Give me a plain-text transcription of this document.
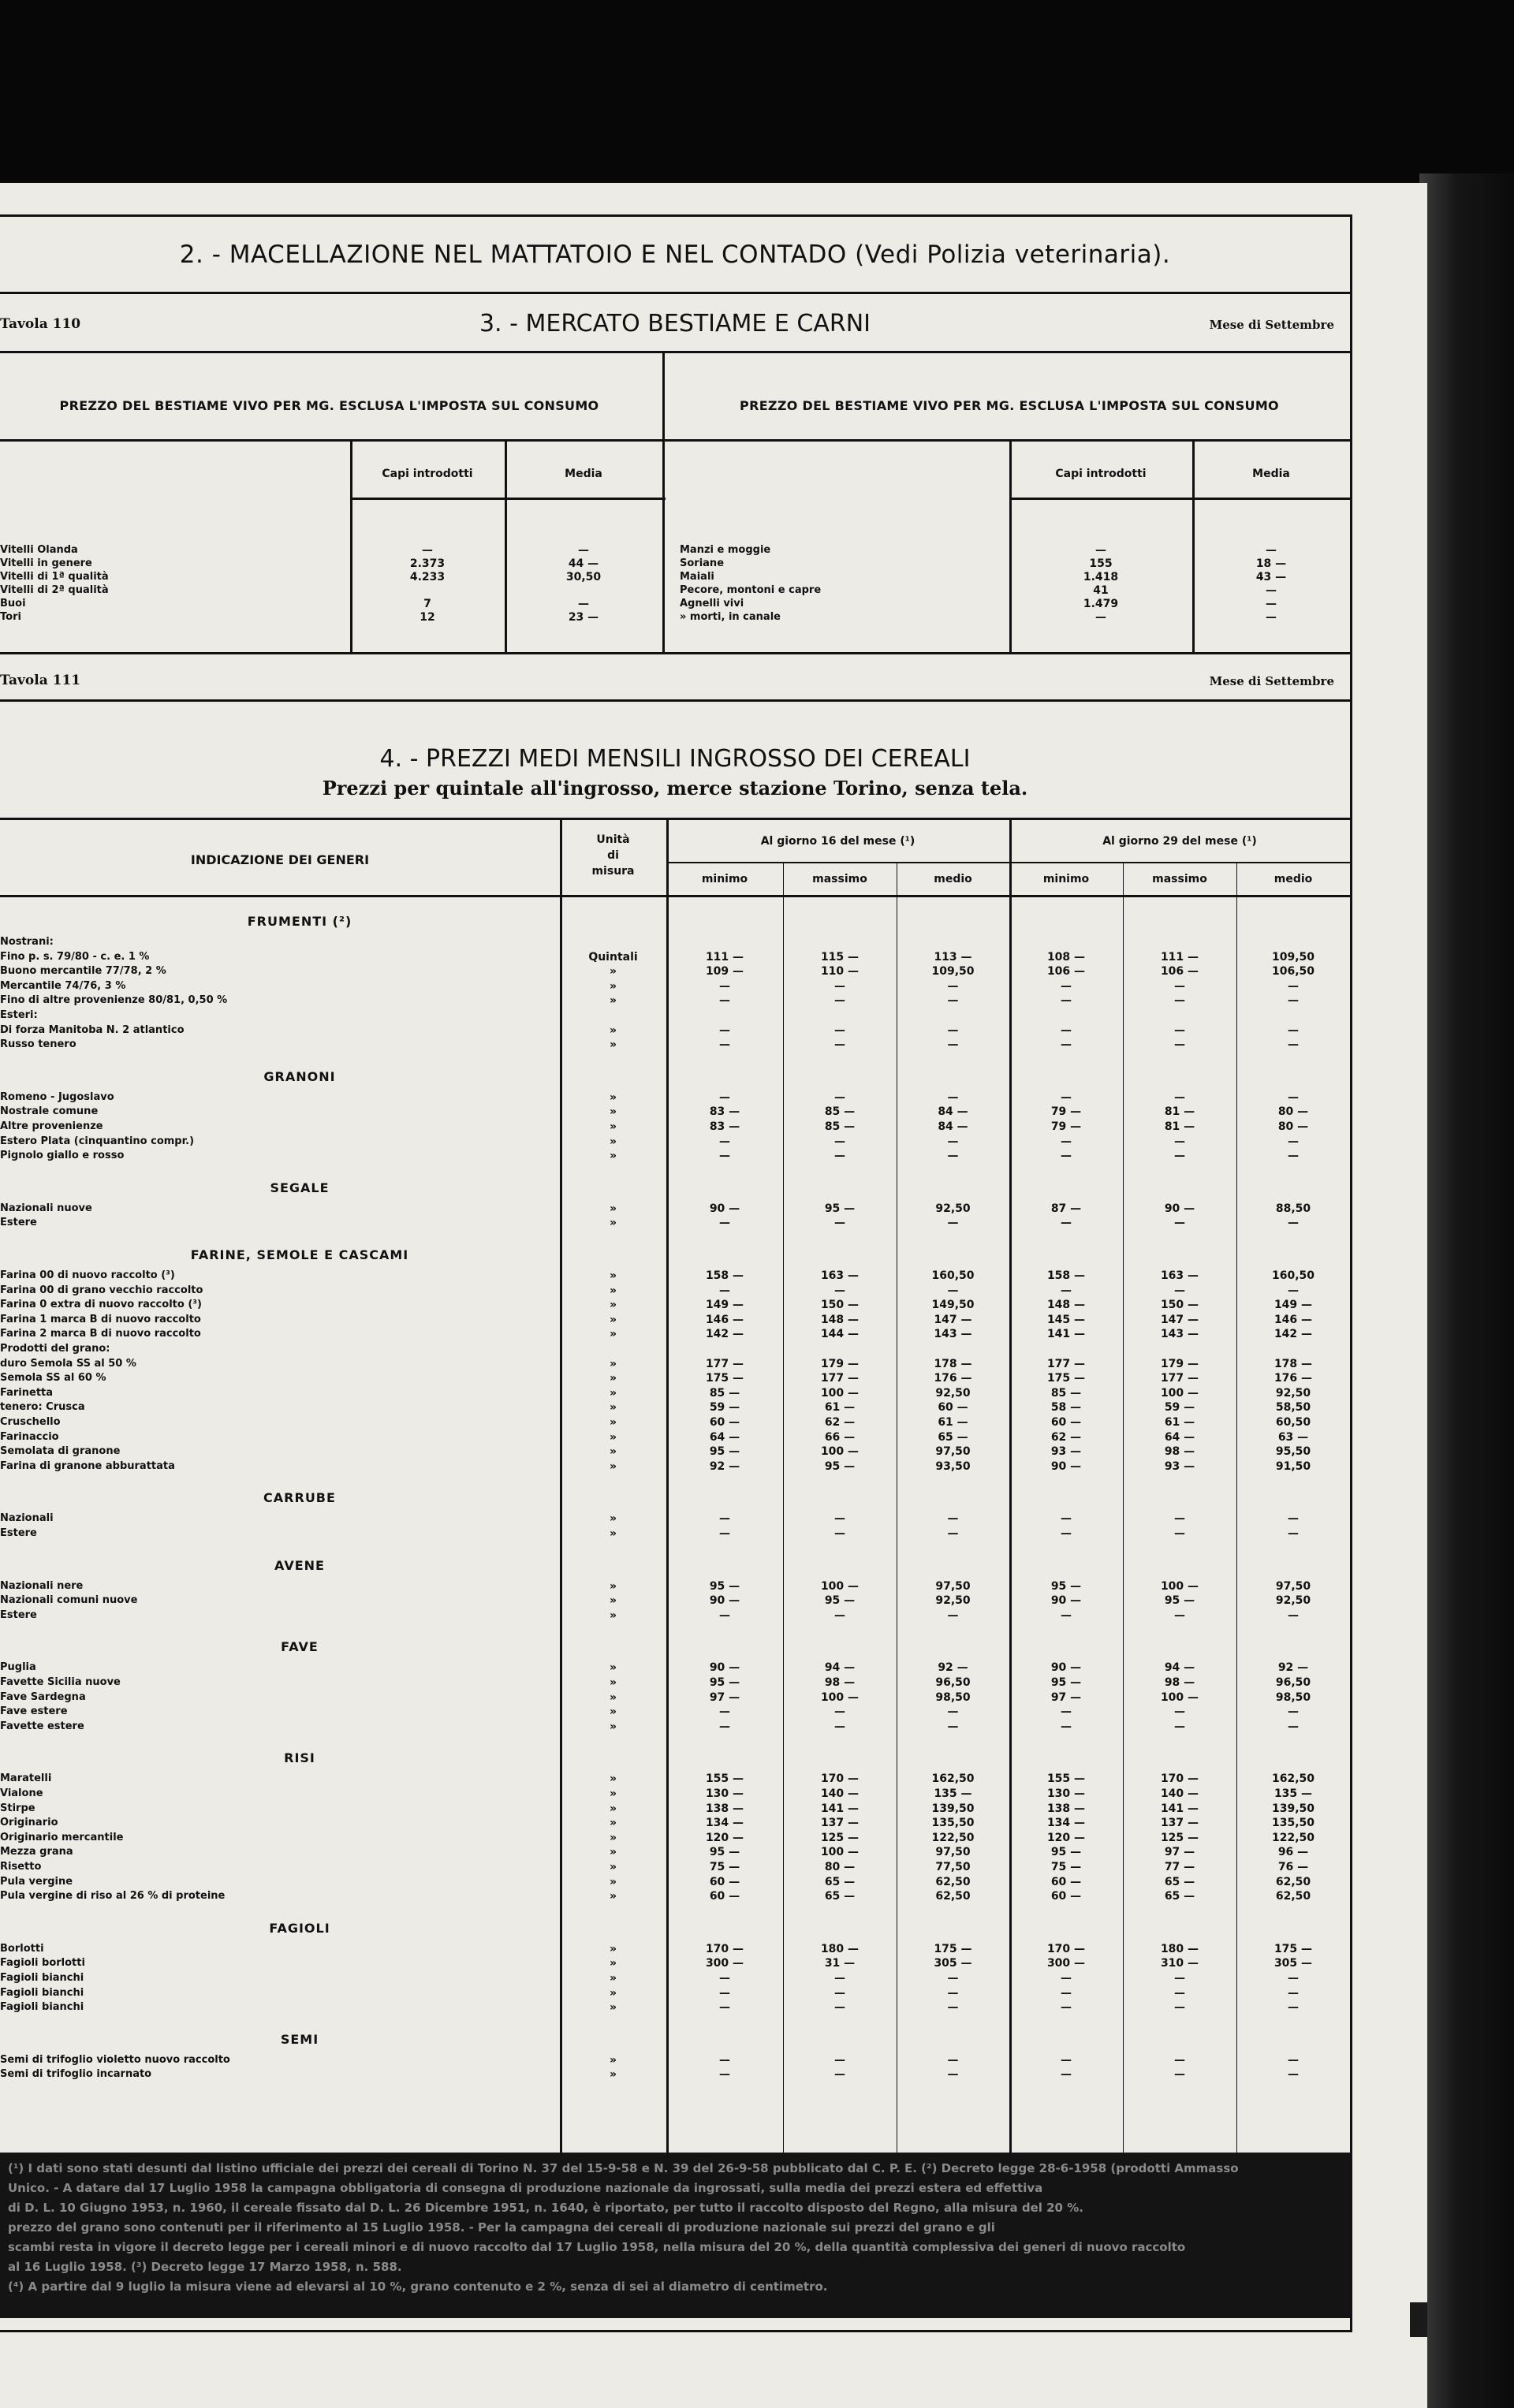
2. - MACELLAZIONE NEL MATTATOIO E NEL CONTADO (Vedi Polizia veterinaria).
Tavola 110	3. - MERCATO BESTIAME E CARNI	Mese di Settembre
PREZZO DEL BESTIAME VIVO PER MG. ESCLUSA L'IMPOSTA SUL CONSUMO	PREZZO DEL BESTIAME VIVO PER MG. ESCLUSA L'IMPOSTA SUL CONSUMO
Capi introdotti	Media	Capi introdotti	Media
Vitelli Olanda	—	—
Vitelli in genere	2.373	44 —
Vitelli di 1ª qualità	4.233	30,50
Vitelli di 2ª qualità
Buoi	7	—
Tori	12	23 —
Manzi e moggie	—	—
Soriane	155	18 —
Maiali	1.418	43 —
Pecore, montoni e capre	41	—
Agnelli vivi	1.479	—
» morti, in canale	—	—
Tavola 111	Mese di Settembre
4. - PREZZI MEDI MENSILI INGROSSO DEI CEREALI
Prezzi per quintale all'ingrosso, merce stazione Torino, senza tela.
INDICAZIONE DEI GENERI
Unità
di
misura
Al giorno 16 del mese (¹)	Al giorno 29 del mese (¹)
minimo	massimo	medio	minimo	massimo	medio
FRUMENTI (²)
Nostrani:
Fino p. s. 79/80 - c. e. 1 %	Quintali	111 —	115 —	113 —	108 —	111 —	109,50
Buono mercantile 77/78, 2 %	»	109 —	110 —	109,50	106 —	106 —	106,50
Mercantile 74/76, 3 %	»	—	—	—	—	—	—
Fino di altre provenienze 80/81, 0,50 %	»	—	—	—	—	—	—
Esteri:
Di forza Manitoba N. 2 atlantico	»	—	—	—	—	—	—
Russo tenero	»	—	—	—	—	—	—
GRANONI
Romeno - Jugoslavo	»	—	—	—	—	—	—
Nostrale comune	»	83 —	85 —	84 —	79 —	81 —	80 —
Altre provenienze	»	83 —	85 —	84 —	79 —	81 —	80 —
Estero Plata (cinquantino compr.)	»	—	—	—	—	—	—
Pignolo giallo e rosso	»	—	—	—	—	—	—
SEGALE
Nazionali nuove	»	90 —	95 —	92,50	87 —	90 —	88,50
Estere	»	—	—	—	—	—	—
FARINE, SEMOLE E CASCAMI
Farina 00 di nuovo raccolto (³)	»	158 —	163 —	160,50	158 —	163 —	160,50
Farina 00 di grano vecchio raccolto	»	—	—	—	—	—	—
Farina 0 extra di nuovo raccolto (³)	»	149 —	150 —	149,50	148 —	150 —	149 —
Farina 1 marca B di nuovo raccolto	»	146 —	148 —	147 —	145 —	147 —	146 —
Farina 2 marca B di nuovo raccolto	»	142 —	144 —	143 —	141 —	143 —	142 —
Prodotti del grano:
duro Semola SS al 50 %	»	177 —	179 —	178 —	177 —	179 —	178 —
Semola SS al 60 %	»	175 —	177 —	176 —	175 —	177 —	176 —
Farinetta	»	85 —	100 —	92,50	85 —	100 —	92,50
tenero: Crusca	»	59 —	61 —	60 —	58 —	59 —	58,50
Cruschello	»	60 —	62 —	61 —	60 —	61 —	60,50
Farinaccio	»	64 —	66 —	65 —	62 —	64 —	63 —
Semolata di granone	»	95 —	100 —	97,50	93 —	98 —	95,50
Farina di granone abburattata	»	92 —	95 —	93,50	90 —	93 —	91,50
CARRUBE
Nazionali	»	—	—	—	—	—	—
Estere	»	—	—	—	—	—	—
AVENE
Nazionali nere	»	95 —	100 —	97,50	95 —	100 —	97,50
Nazionali comuni nuove	»	90 —	95 —	92,50	90 —	95 —	92,50
Estere	»	—	—	—	—	—	—
FAVE
Puglia	»	90 —	94 —	92 —	90 —	94 —	92 —
Favette Sicilia nuove	»	95 —	98 —	96,50	95 —	98 —	96,50
Fave Sardegna	»	97 —	100 —	98,50	97 —	100 —	98,50
Fave estere	»	—	—	—	—	—	—
Favette estere	»	—	—	—	—	—	—
RISI
Maratelli	»	155 —	170 —	162,50	155 —	170 —	162,50
Vialone	»	130 —	140 —	135 —	130 —	140 —	135 —
Stirpe	»	138 —	141 —	139,50	138 —	141 —	139,50
Originario	»	134 —	137 —	135,50	134 —	137 —	135,50
Originario mercantile	»	120 —	125 —	122,50	120 —	125 —	122,50
Mezza grana	»	95 —	100 —	97,50	95 —	97 —	96 —
Risetto	»	75 —	80 —	77,50	75 —	77 —	76 —
Pula vergine	»	60 —	65 —	62,50	60 —	65 —	62,50
Pula vergine di riso al 26 % di proteine	»	60 —	65 —	62,50	60 —	65 —	62,50
FAGIOLI
Borlotti	»	170 —	180 —	175 —	170 —	180 —	175 —
Fagioli borlotti	»	300 —	31 —	305 —	300 —	310 —	305 —
Fagioli bianchi	»	—	—	—	—	—	—
Fagioli bianchi	»	—	—	—	—	—	—
Fagioli bianchi	»	—	—	—	—	—	—
SEMI
Semi di trifoglio violetto nuovo raccolto	»	—	—	—	—	—	—
Semi di trifoglio incarnato	»	—	—	—	—	—	—
(¹) I dati sono stati desunti dal listino ufficiale dei prezzi dei cereali di Torino N. 37 del 15-9-58 e N. 39 del 26-9-58 pubblicato dal C. P. E. (²) Decreto legge 28-6-1958 (prodotti Ammasso
Unico. - A datare dal 17 Luglio 1958 la campagna obbligatoria di consegna di produzione nazionale da ingrossati, sulla media dei prezzi estera ed effettiva
di D. L. 10 Giugno 1953, n. 1960, il cereale fissato dal D. L. 26 Dicembre 1951, n. 1640, è riportato, per tutto il raccolto disposto del Regno, alla misura del 20 %.
prezzo del grano sono contenuti per il riferimento al 15 Luglio 1958. - Per la campagna dei cereali di produzione nazionale sui prezzi del grano e gli
scambi resta in vigore il decreto legge per i cereali minori e di nuovo raccolto dal 17 Luglio 1958, nella misura del 20 %, della quantità complessiva dei generi di nuovo raccolto
al 16 Luglio 1958. (³) Decreto legge 17 Marzo 1958, n. 588.
(⁴) A partire dal 9 luglio la misura viene ad elevarsi al 10 %, grano contenuto e 2 %, senza di sei al diametro di centimetro.
